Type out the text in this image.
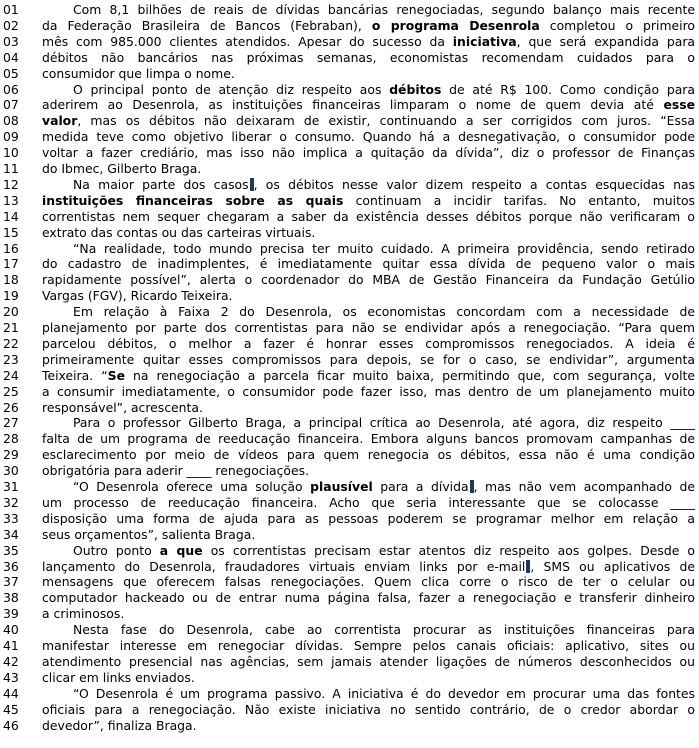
01	Com 8,1 bilhões de reais de dívidas bancárias renegociadas, segundo balanço mais recente
02	da Federação Brasileira de Bancos (Febraban), o programa Desenrola completou o primeiro
03	mês com 985.000 clientes atendidos. Apesar do sucesso da iniciativa, que será expandida para
04	débitos não bancários nas próximas semanas, economistas recomendam cuidados para o
05	consumidor que limpa o nome.
06	O principal ponto de atenção diz respeito aos débitos de até R$ 100. Como condição para
07	aderirem ao Desenrola, as instituições financeiras limparam o nome de quem devia até esse
08	valor, mas os débitos não deixaram de existir, continuando a ser corrigidos com juros. “Essa
09	medida teve como objetivo liberar o consumo. Quando há a desnegativação, o consumidor pode
10	voltar a fazer crediário, mas isso não implica a quitação da dívida”, diz o professor de Finanças
11	do Ibmec, Gilberto Braga.
12	Na maior parte dos casos , os débitos nesse valor dizem respeito a contas esquecidas nas
13	instituições financeiras sobre as quais continuam a incidir tarifas. No entanto, muitos
14	correntistas nem sequer chegaram a saber da existência desses débitos porque não verificaram o
15	extrato das contas ou das carteiras virtuais.
16	“Na realidade, todo mundo precisa ter muito cuidado. A primeira providência, sendo retirado
17	do cadastro de inadimplentes, é imediatamente quitar essa dívida de pequeno valor o mais
18	rapidamente possível”, alerta o coordenador do MBA de Gestão Financeira da Fundação Getúlio
19	Vargas (FGV), Ricardo Teixeira.
20	Em relação à Faixa 2 do Desenrola, os economistas concordam com a necessidade de
21	planejamento por parte dos correntistas para não se endividar após a renegociação. “Para quem
22	parcelou débitos, o melhor a fazer é honrar esses compromissos renegociados. A ideia é
23	primeiramente quitar esses compromissos para depois, se for o caso, se endividar”, argumenta
24	Teixeira. “Se na renegociação a parcela ficar muito baixa, permitindo que, com segurança, volte
25	a consumir imediatamente, o consumidor pode fazer isso, mas dentro de um planejamento muito
26	responsável”, acrescenta.
27	Para o professor Gilberto Braga, a principal crítica ao Desenrola, até agora, diz respeito ____
28	falta de um programa de reeducação financeira. Embora alguns bancos promovam campanhas de
29	esclarecimento por meio de vídeos para quem renegocia os débitos, essa não é uma condição
30	obrigatória para aderir ____ renegociações.
31	“O Desenrola oferece uma solução plausível para a dívida , mas não vem acompanhado de
32	um processo de reeducação financeira. Acho que seria interessante que se colocasse ____
33	disposição uma forma de ajuda para as pessoas poderem se programar melhor em relação a
34	seus orçamentos”, salienta Braga.
35	Outro ponto a que os correntistas precisam estar atentos diz respeito aos golpes. Desde o
36	lançamento do Desenrola, fraudadores virtuais enviam links por e-mail , SMS ou aplicativos de
37	mensagens que oferecem falsas renegociações. Quem clica corre o risco de ter o celular ou
38	computador hackeado ou de entrar numa página falsa, fazer a renegociação e transferir dinheiro
39	a criminosos.
40	Nesta fase do Desenrola, cabe ao correntista procurar as instituições financeiras para
41	manifestar interesse em renegociar dívidas. Sempre pelos canais oficiais: aplicativo, sites ou
42	atendimento presencial nas agências, sem jamais atender ligações de números desconhecidos ou
43	clicar em links enviados.
44	“O Desenrola é um programa passivo. A iniciativa é do devedor em procurar uma das fontes
45	oficiais para a renegociação. Não existe iniciativa no sentido contrário, de o credor abordar o
46	devedor”, finaliza Braga.
